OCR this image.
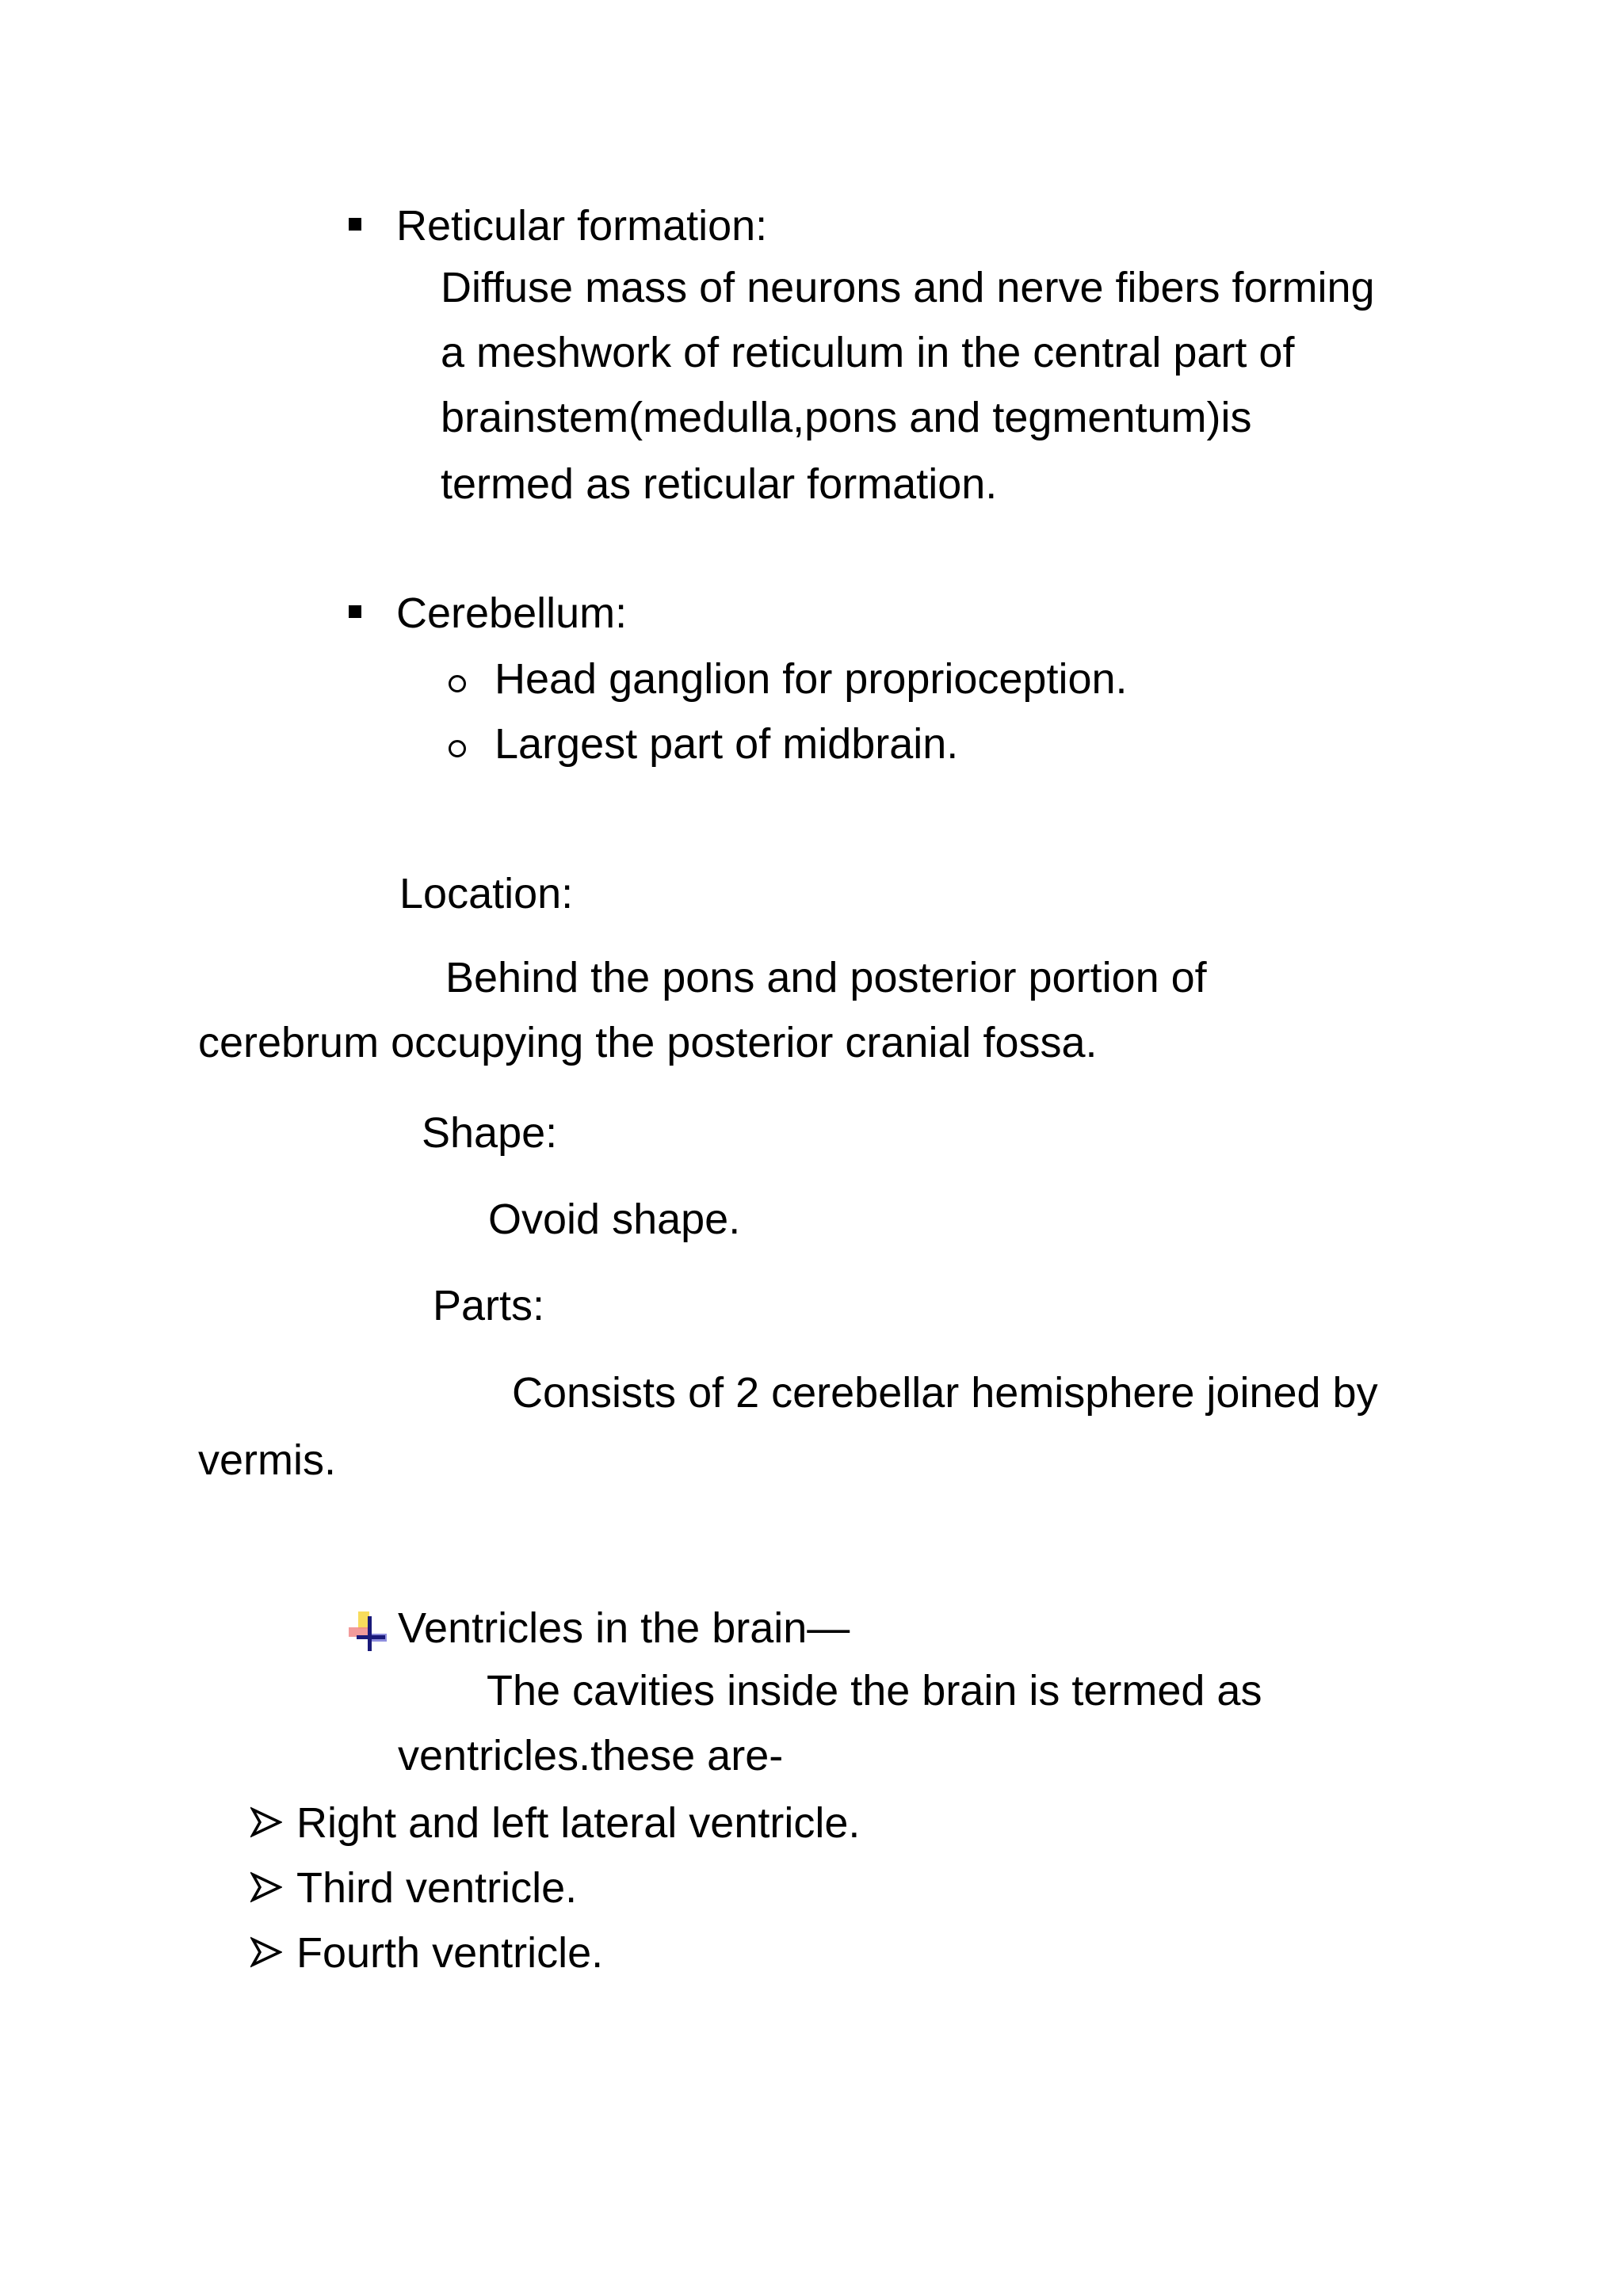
Reticular formation:
Diffuse mass of neurons and nerve fibers forming
a meshwork of reticulum in the central part of
brainstem(medulla,pons and tegmentum)is
termed as reticular formation.
Cerebellum:
Head ganglion for proprioception.
Largest part of midbrain.
Location:
Behind the pons and posterior portion of
cerebrum occupying the posterior cranial fossa.
Shape:
Ovoid shape.
Parts:
Consists of 2 cerebellar hemisphere joined by
vermis.
Ventricles in the brain—
The cavities inside the brain is termed as
ventricles.these are-
Right and left lateral ventricle.
Third ventricle.
Fourth ventricle.
